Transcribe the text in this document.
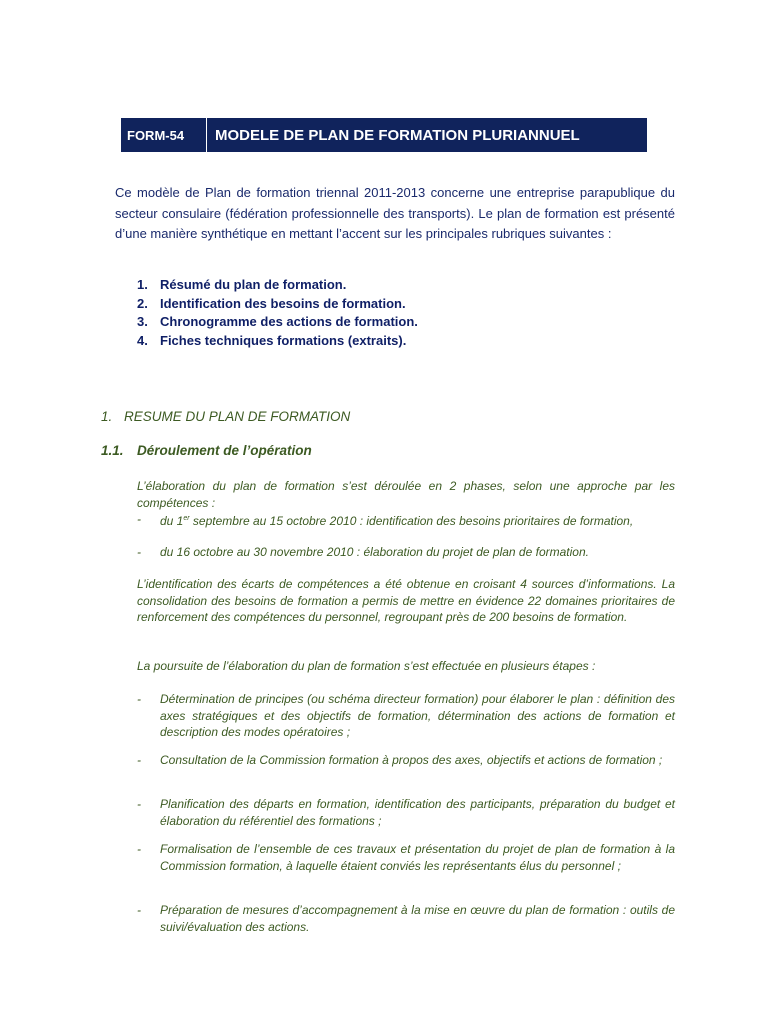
FORM-54	MODELE DE PLAN DE FORMATION PLURIANNUEL
Ce modèle de Plan de formation triennal 2011-2013 concerne une entreprise parapublique du secteur consulaire (fédération professionnelle des transports). Le plan de formation est présenté d’une manière synthétique en mettant l’accent sur les principales rubriques suivantes :
1. Résumé du plan de formation.
2. Identification des besoins de formation.
3. Chronogramme des actions de formation.
4. Fiches techniques formations (extraits).
1. RESUME DU PLAN DE FORMATION
1.1. Déroulement de l’opération
L’élaboration du plan de formation s’est déroulée en 2 phases, selon une approche par les compétences :
-	du 1er septembre au 15 octobre 2010 : identification des besoins prioritaires de formation,
-	du 16 octobre au 30 novembre 2010 : élaboration du projet de plan de formation.
L’identification des écarts de compétences a été obtenue en croisant 4 sources d’informations. La consolidation des besoins de formation a permis de mettre en évidence 22 domaines prioritaires de renforcement des compétences du personnel, regroupant près de 200 besoins de formation.
La poursuite de l’élaboration du plan de formation s’est effectuée en plusieurs étapes :
-	Détermination de principes (ou schéma directeur formation) pour élaborer le plan : définition des axes stratégiques et des objectifs de formation, détermination des actions de formation et description des modes opératoires ;
-	Consultation de la Commission formation à propos des axes, objectifs et actions de formation ;
-	Planification des départs en formation, identification des participants, préparation du budget et élaboration du référentiel des formations ;
-	Formalisation de l’ensemble de ces travaux et présentation du projet de plan de formation à la Commission formation, à laquelle étaient conviés les représentants élus du personnel ;
-	Préparation de mesures d’accompagnement à la mise en œuvre du plan de formation : outils de suivi/évaluation des actions.
